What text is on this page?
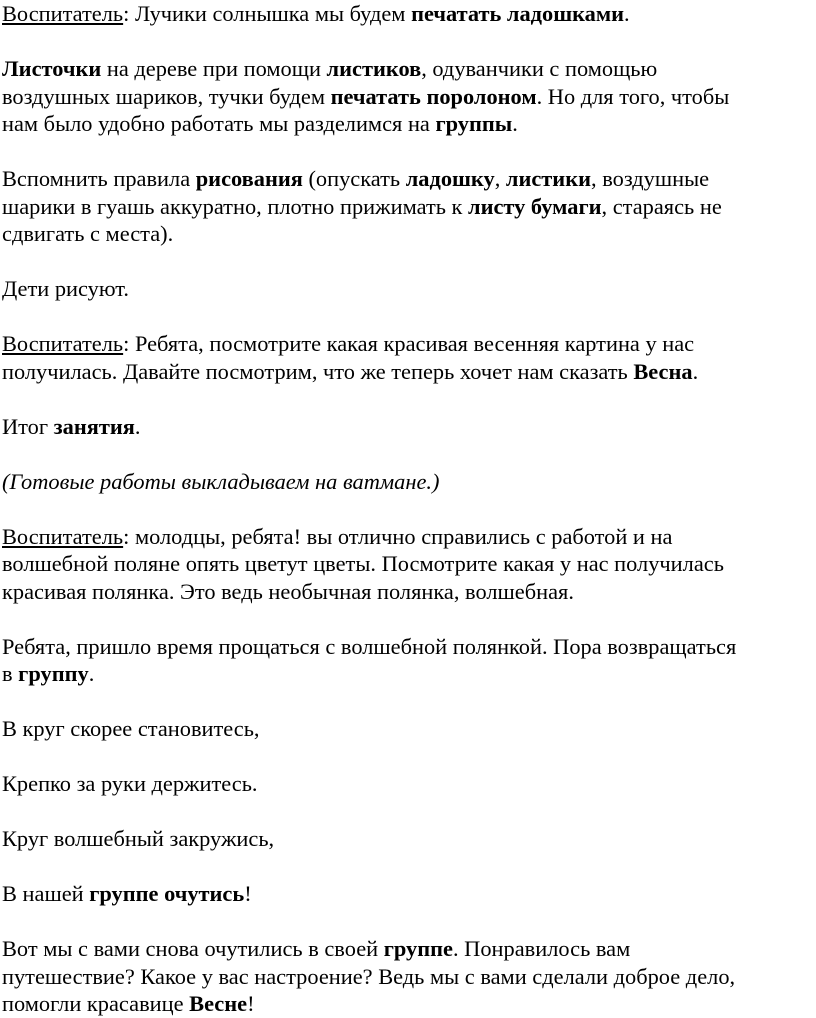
Воспитатель: Лучики солнышка мы будем печатать ладошками.
Листочки на дереве при помощи листиков, одуванчики с помощью
воздушных шариков, тучки будем печатать поролоном. Но для того, чтобы
нам было удобно работать мы разделимся на группы.
Вспомнить правила рисования (опускать ладошку, листики, воздушные
шарики в гуашь аккуратно, плотно прижимать к листу бумаги, стараясь не
сдвигать с места).
Дети рисуют.
Воспитатель: Ребята, посмотрите какая красивая весенняя картина у нас
получилась. Давайте посмотрим, что же теперь хочет нам сказать Весна.
Итог занятия.
(Готовые работы выкладываем на ватмане.)
Воспитатель: молодцы, ребята! вы отлично справились с работой и на
волшебной поляне опять цветут цветы. Посмотрите какая у нас получилась
красивая полянка. Это ведь необычная полянка, волшебная.
Ребята, пришло время прощаться с волшебной полянкой. Пора возвращаться
в группу.
В круг скорее становитесь,
Крепко за руки держитесь.
Круг волшебный закружись,
В нашей группе очутись!
Вот мы с вами снова очутились в своей группе. Понравилось вам
путешествие? Какое у вас настроение? Ведь мы с вами сделали доброе дело,
помогли красавице Весне!
